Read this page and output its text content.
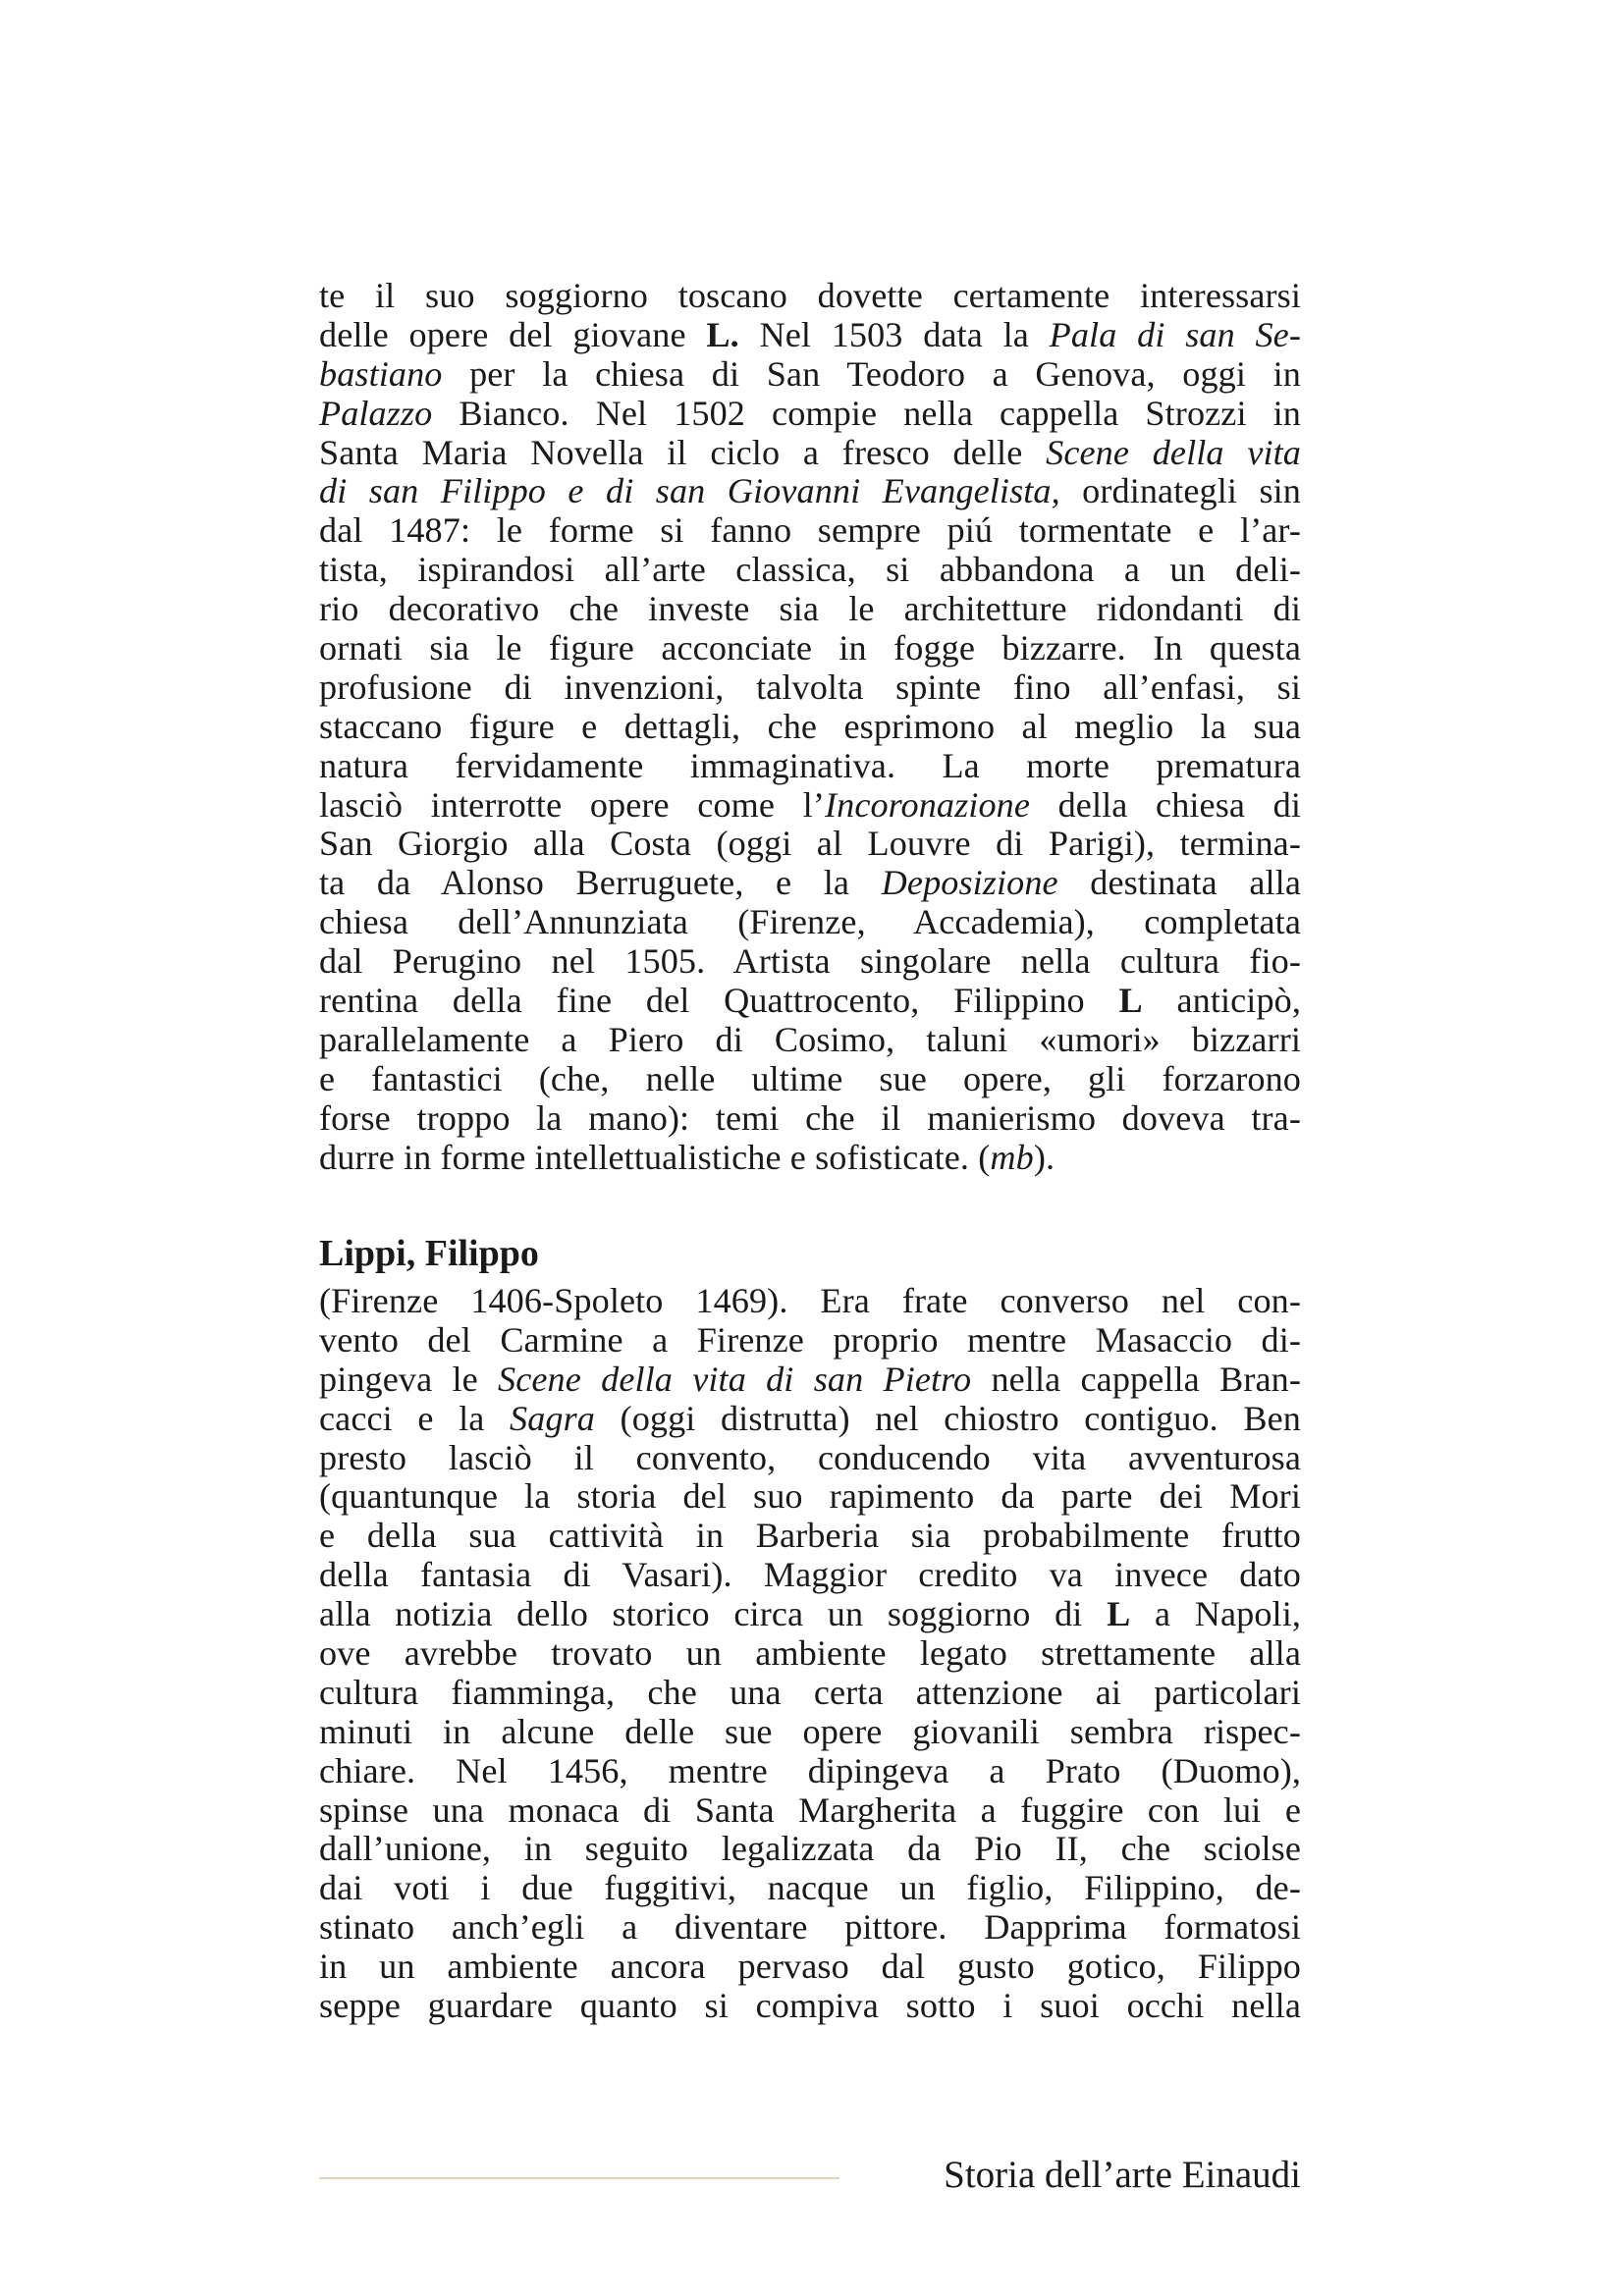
te il suo soggiorno toscano dovette certamente interessarsi
delle opere del giovane L. Nel 1503 data la Pala di san Se-
bastiano per la chiesa di San Teodoro a Genova, oggi in
Palazzo Bianco. Nel 1502 compie nella cappella Strozzi in
Santa Maria Novella il ciclo a fresco delle Scene della vita
di san Filippo e di san Giovanni Evangelista, ordinategli sin
dal 1487: le forme si fanno sempre piú tormentate e l’ar-
tista, ispirandosi all’arte classica, si abbandona a un deli-
rio decorativo che investe sia le architetture ridondanti di
ornati sia le figure acconciate in fogge bizzarre. In questa
profusione di invenzioni, talvolta spinte fino all’enfasi, si
staccano figure e dettagli, che esprimono al meglio la sua
natura fervidamente immaginativa. La morte prematura
lasciò interrotte opere come l’Incoronazione della chiesa di
San Giorgio alla Costa (oggi al Louvre di Parigi), termina-
ta da Alonso Berruguete, e la Deposizione destinata alla
chiesa dell’Annunziata (Firenze, Accademia), completata
dal Perugino nel 1505. Artista singolare nella cultura fio-
rentina della fine del Quattrocento, Filippino L anticipò,
parallelamente a Piero di Cosimo, taluni «umori» bizzarri
e fantastici (che, nelle ultime sue opere, gli forzarono
forse troppo la mano): temi che il manierismo doveva tra-
durre in forme intellettualistiche e sofisticate. (mb).
Lippi, Filippo
(Firenze 1406-Spoleto 1469). Era frate converso nel con-
vento del Carmine a Firenze proprio mentre Masaccio di-
pingeva le Scene della vita di san Pietro nella cappella Bran-
cacci e la Sagra (oggi distrutta) nel chiostro contiguo. Ben
presto lasciò il convento, conducendo vita avventurosa
(quantunque la storia del suo rapimento da parte dei Mori
e della sua cattività in Barberia sia probabilmente frutto
della fantasia di Vasari). Maggior credito va invece dato
alla notizia dello storico circa un soggiorno di L a Napoli,
ove avrebbe trovato un ambiente legato strettamente alla
cultura fiamminga, che una certa attenzione ai particolari
minuti in alcune delle sue opere giovanili sembra rispec-
chiare. Nel 1456, mentre dipingeva a Prato (Duomo),
spinse una monaca di Santa Margherita a fuggire con lui e
dall’unione, in seguito legalizzata da Pio II, che sciolse
dai voti i due fuggitivi, nacque un figlio, Filippino, de-
stinato anch’egli a diventare pittore. Dapprima formatosi
in un ambiente ancora pervaso dal gusto gotico, Filippo
seppe guardare quanto si compiva sotto i suoi occhi nella
Storia dell’arte Einaudi
